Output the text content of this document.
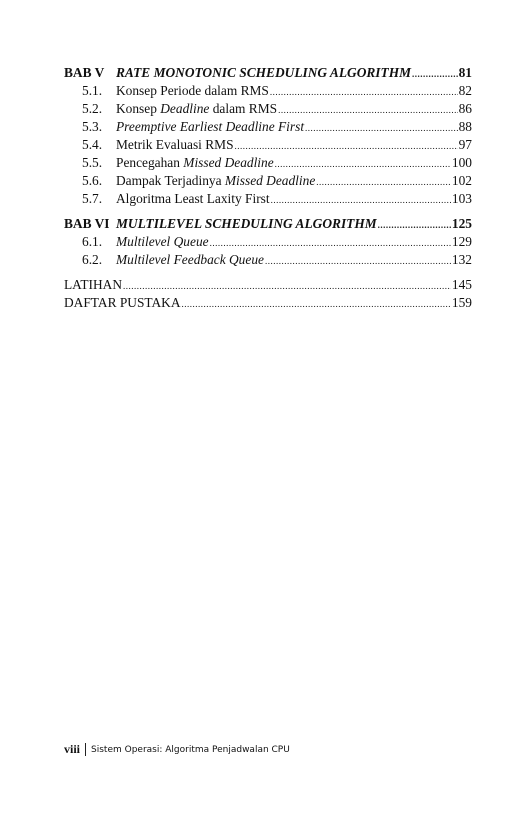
BAB V RATE MONOTONIC SCHEDULING ALGORITHM .....	81
5.1.	Konsep Periode dalam RMS .....	82
5.2.	Konsep Deadline dalam RMS .....	86
5.3.	Preemptive Earliest Deadline First .....	88
5.4.	Metrik Evaluasi RMS .....	97
5.5.	Pencegahan Missed Deadline .....	100
5.6.	Dampak Terjadinya Missed Deadline .....	102
5.7.	Algoritma Least Laxity First .....	103
BAB VI MULTILEVEL SCHEDULING ALGORITHM .....	125
6.1.	Multilevel Queue .....	129
6.2.	Multilevel Feedback Queue .....	132
LATIHAN .....	145
DAFTAR PUSTAKA .....	159
viii Sistem Operasi: Algoritma Penjadwalan CPU
